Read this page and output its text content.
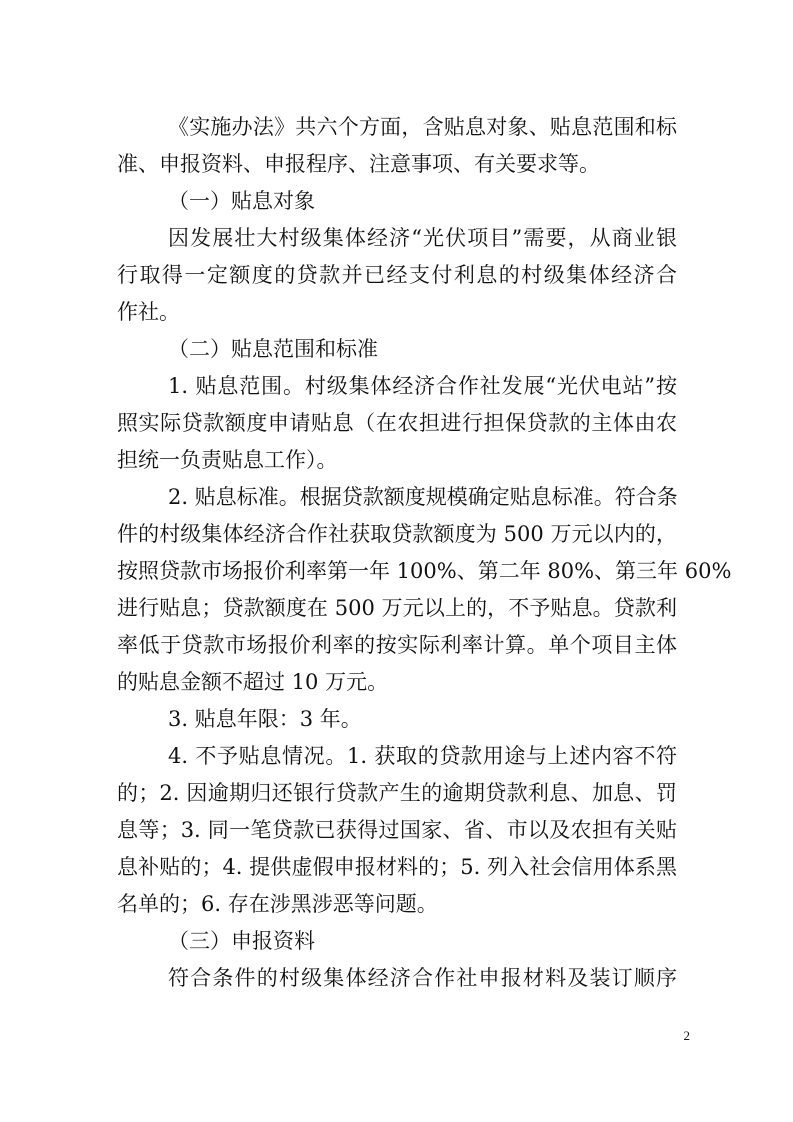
《实施办法》共六个方面，含贴息对象、贴息范围和标
准、申报资料、申报程序、注意事项、有关要求等。
（一）贴息对象
因发展壮大村级集体经济“光伏项目”需要，从商业银
行取得一定额度的贷款并已经支付利息的村级集体经济合
作社。
（二）贴息范围和标准
1. 贴息范围。村级集体经济合作社发展“光伏电站”按
照实际贷款额度申请贴息（在农担进行担保贷款的主体由农
担统一负责贴息工作）。
2. 贴息标准。根据贷款额度规模确定贴息标准。符合条
件的村级集体经济合作社获取贷款额度为 500 万元以内的，
按照贷款市场报价利率第一年 100%、第二年 80%、第三年 60%
进行贴息；贷款额度在 500 万元以上的，不予贴息。贷款利
率低于贷款市场报价利率的按实际利率计算。单个项目主体
的贴息金额不超过 10 万元。
3. 贴息年限：3 年。
4. 不予贴息情况。1. 获取的贷款用途与上述内容不符
的；2. 因逾期归还银行贷款产生的逾期贷款利息、加息、罚
息等；3. 同一笔贷款已获得过国家、省、市以及农担有关贴
息补贴的；4. 提供虚假申报材料的；5. 列入社会信用体系黑
名单的；6. 存在涉黑涉恶等问题。
（三）申报资料
符合条件的村级集体经济合作社申报材料及装订顺序
2
